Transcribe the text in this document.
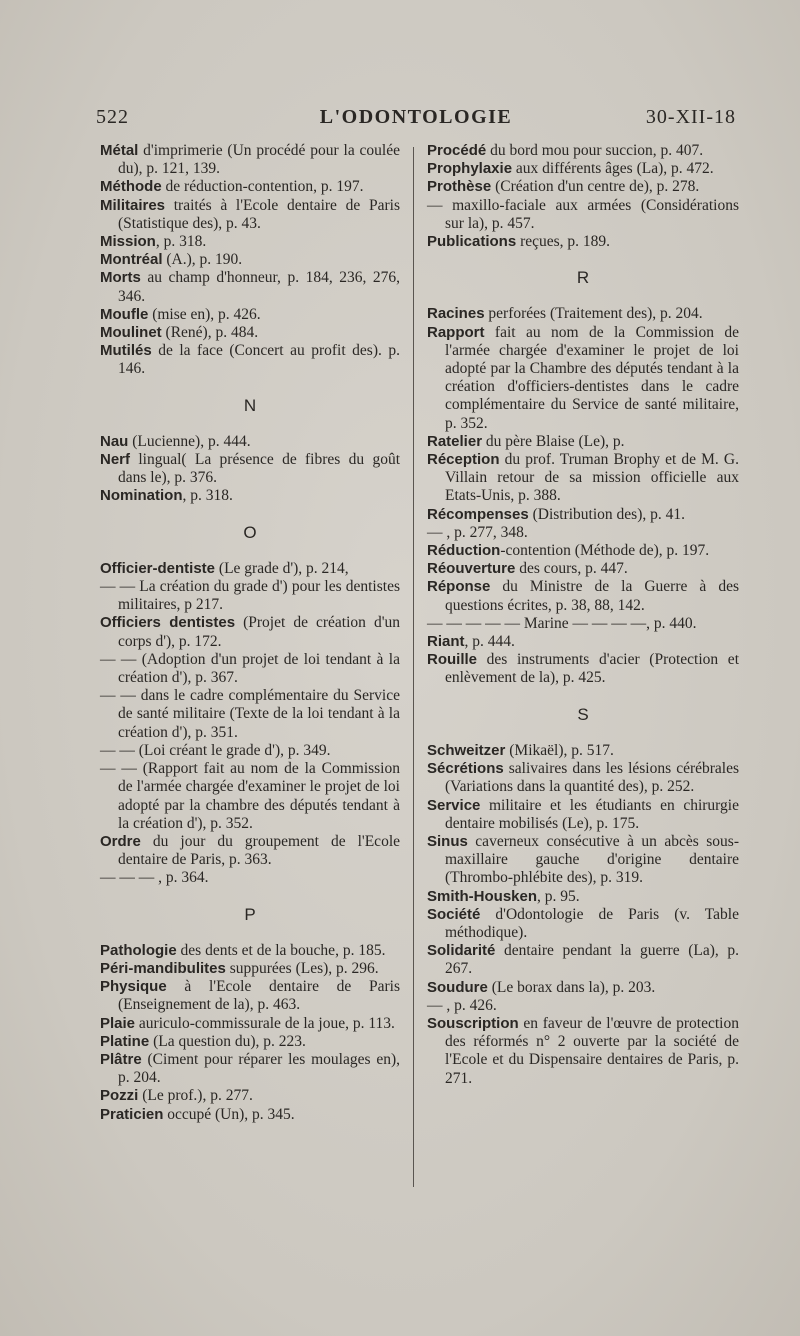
522	L'ODONTOLOGIE	30-XII-18
Métal d'imprimerie (Un procédé pour la coulée du), p. 121, 139.
Méthode de réduction-contention, p. 197.
Militaires traités à l'Ecole dentaire de Paris (Statistique des), p. 43.
Mission, p. 318.
Montréal (A.), p. 190.
Morts au champ d'honneur, p. 184, 236, 276, 346.
Moufle (mise en), p. 426.
Moulinet (René), p. 484.
Mutilés de la face (Concert au profit des). p. 146.
N
Nau (Lucienne), p. 444.
Nerf lingual( La présence de fibres du goût dans le), p. 376.
Nomination, p. 318.
O
Officier-dentiste (Le grade d'), p. 214,
— — La création du grade d') pour les dentistes militaires, p 217.
Officiers dentistes (Projet de création d'un corps d'), p. 172.
— — (Adoption d'un projet de loi tendant à la création d'), p. 367.
— — dans le cadre complémentaire du Service de santé militaire (Texte de la loi tendant à la création d'), p. 351.
— — (Loi créant le grade d'), p. 349.
— — (Rapport fait au nom de la Commission de l'armée chargée d'examiner le projet de loi adopté par la chambre des députés tendant à la création d'), p. 352.
Ordre du jour du groupement de l'Ecole dentaire de Paris, p. 363.
— — — , p. 364.
P
Pathologie des dents et de la bouche, p. 185.
Péri-mandibulites suppurées (Les), p. 296.
Physique à l'Ecole dentaire de Paris (Enseignement de la), p. 463.
Plaie auriculo-commissurale de la joue, p. 113.
Platine (La question du), p. 223.
Plâtre (Ciment pour réparer les moulages en), p. 204.
Pozzi (Le prof.), p. 277.
Praticien occupé (Un), p. 345.
Procédé du bord mou pour succion, p. 407.
Prophylaxie aux différents âges (La), p. 472.
Prothèse (Création d'un centre de), p. 278.
— maxillo-faciale aux armées (Considérations sur la), p. 457.
Publications reçues, p. 189.
R
Racines perforées (Traitement des), p. 204.
Rapport fait au nom de la Commission de l'armée chargée d'examiner le projet de loi adopté par la Chambre des députés tendant à la création d'officiers-dentistes dans le cadre complémentaire du Service de santé militaire, p. 352.
Ratelier du père Blaise (Le), p.
Réception du prof. Truman Brophy et de M. G. Villain retour de sa mission officielle aux Etats-Unis, p. 388.
Récompenses (Distribution des), p. 41.
— , p. 277, 348.
Réduction-contention (Méthode de), p. 197.
Réouverture des cours, p. 447.
Réponse du Ministre de la Guerre à des questions écrites, p. 38, 88, 142.
— — — — — Marine — — — —, p. 440.
Riant, p. 444.
Rouille des instruments d'acier (Protection et enlèvement de la), p. 425.
S
Schweitzer (Mikaël), p. 517.
Sécrétions salivaires dans les lésions cérébrales (Variations dans la quantité des), p. 252.
Service militaire et les étudiants en chirurgie dentaire mobilisés (Le), p. 175.
Sinus caverneux consécutive à un abcès sous-maxillaire gauche d'origine dentaire (Thrombo-phlébite des), p. 319.
Smith-Housken, p. 95.
Société d'Odontologie de Paris (v. Table méthodique).
Solidarité dentaire pendant la guerre (La), p. 267.
Soudure (Le borax dans la), p. 203.
— , p. 426.
Souscription en faveur de l'œuvre de protection des réformés n° 2 ouverte par la société de l'Ecole et du Dispensaire dentaires de Paris, p. 271.
